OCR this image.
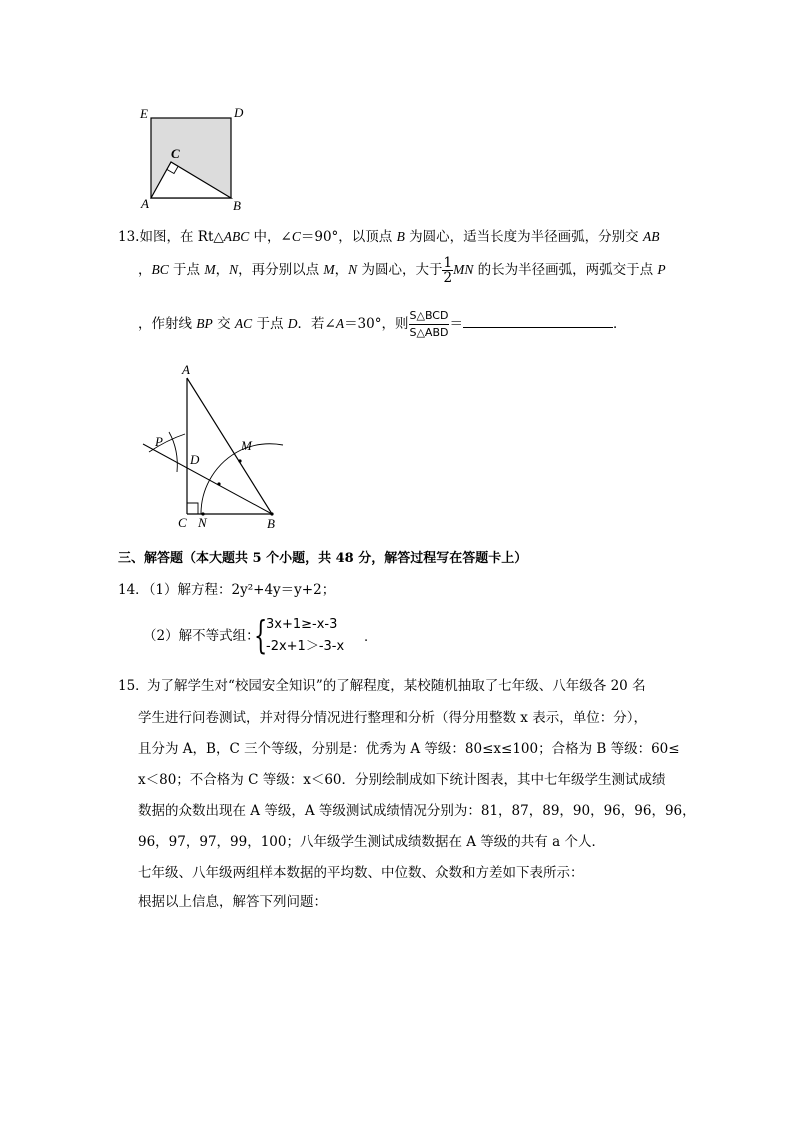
E	D
C
A	B
13.如图，在 Rt△ABC 中，∠C＝90°，以顶点 B 为圆心，适当长度为半径画弧，分别交 AB
，BC 于点 M，N，再分别以点 M，N 为圆心，大于 $\frac{1}{2}$ MN 的长为半径画弧，两弧交于点 P
，作射线 BP 交 AC 于点 D．若∠A＝30°，则 $\frac{\text{S△BCD}}{\text{S△ABD}}$ ＝	．
A
P
D
M
C N	B
三、解答题（本大题共 5 个小题，共 48 分，解答过程写在答题卡上）
14．（1）解方程：2y²+4y＝y+2；
（2）解不等式组：
{
3x+1≥-x-3
-2x+1＞-3-x
.
15．
为了解学生对“校园安全知识”的了解程度，某校随机抽取了七年级、八年级各 20 名
学生进行问卷测试，并对得分情况进行整理和分析（得分用整数 x 表示，单位：分），
且分为 A，B，C 三个等级，分别是：优秀为 A 等级：80≤x≤100；合格为 B 等级：60≤
x＜80；不合格为 C 等级：x＜60．分别绘制成如下统计图表，其中七年级学生测试成绩
数据的众数出现在 A 等级，A 等级测试成绩情况分别为：81，87，89，90，96，96，96，
96，97，97，99，100；八年级学生测试成绩数据在 A 等级的共有 a 个人．
七年级、八年级两组样本数据的平均数、中位数、众数和方差如下表所示：
根据以上信息，解答下列问题：
